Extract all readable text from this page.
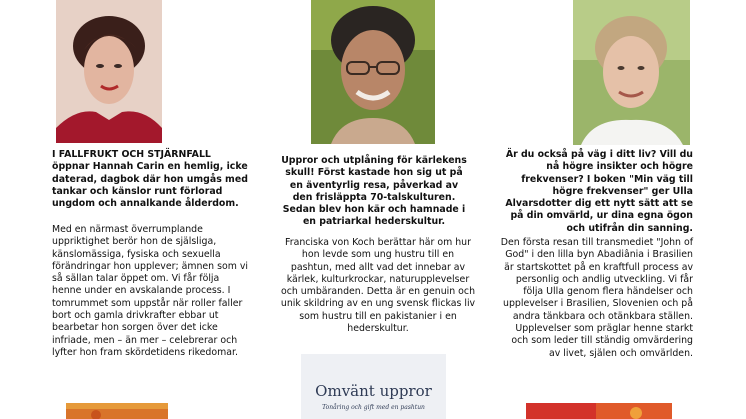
I FALLFRUKT OCH STJÄRNFALL öppnar Hannah Carin en hemlig, icke daterad, dagbok där hon umgås med tankar och känslor runt förlorad ungdom och annalkande ålderdom.
Med en närmast överrumplande uppriktighet berör hon de själsliga, känslomässiga, fysiska och sexuella förändringar hon upplever; ämnen som vi så sällan talar öppet om. Vi får följa henne under en avskalande process. I tomrummet som uppstår när roller faller bort och gamla drivkrafter ebbar ut bearbetar hon sorgen över det icke infriade, men – än mer – celebrerar och lyfter hon fram skördetidens rikedomar.
Uppror och utplåning för kärlekens skull! Först kastade hon sig ut på en äventyrlig resa, påverkad av den frisläppta 70-talskulturen. Sedan blev hon kär och hamnade i en patriarkal hederskultur.
Franciska von Koch berättar här om hur hon levde som ung hustru till en pashtun, med allt vad det innebar av kärlek, kulturkrockar, naturupplevelser och umbäranden. Detta är en genuin och unik skildring av en ung svensk flickas liv som hustru till en pakistanier i en hederskultur.
Omvänt uppror
Tonåring och gift med en pashtun
Är du också på väg i ditt liv? Vill du nå högre insikter och högre frekvenser? I boken "Min väg till högre frekvenser" ger Ulla Alvarsdotter dig ett nytt sätt att se på din omvärld, ur dina egna ögon och utifrån din sanning.
Den första resan till transmediet "John of God" i den lilla byn Abadiânia i Brasilien är startskottet på en kraftfull process av personlig och andlig utveckling. Vi får följa Ulla genom flera händelser och upplevelser i Brasilien, Slovenien och på andra tänkbara och otänkbara ställen. Upplevelser som präglar henne starkt och som leder till ständig omvärdering av livet, själen och omvärlden.
